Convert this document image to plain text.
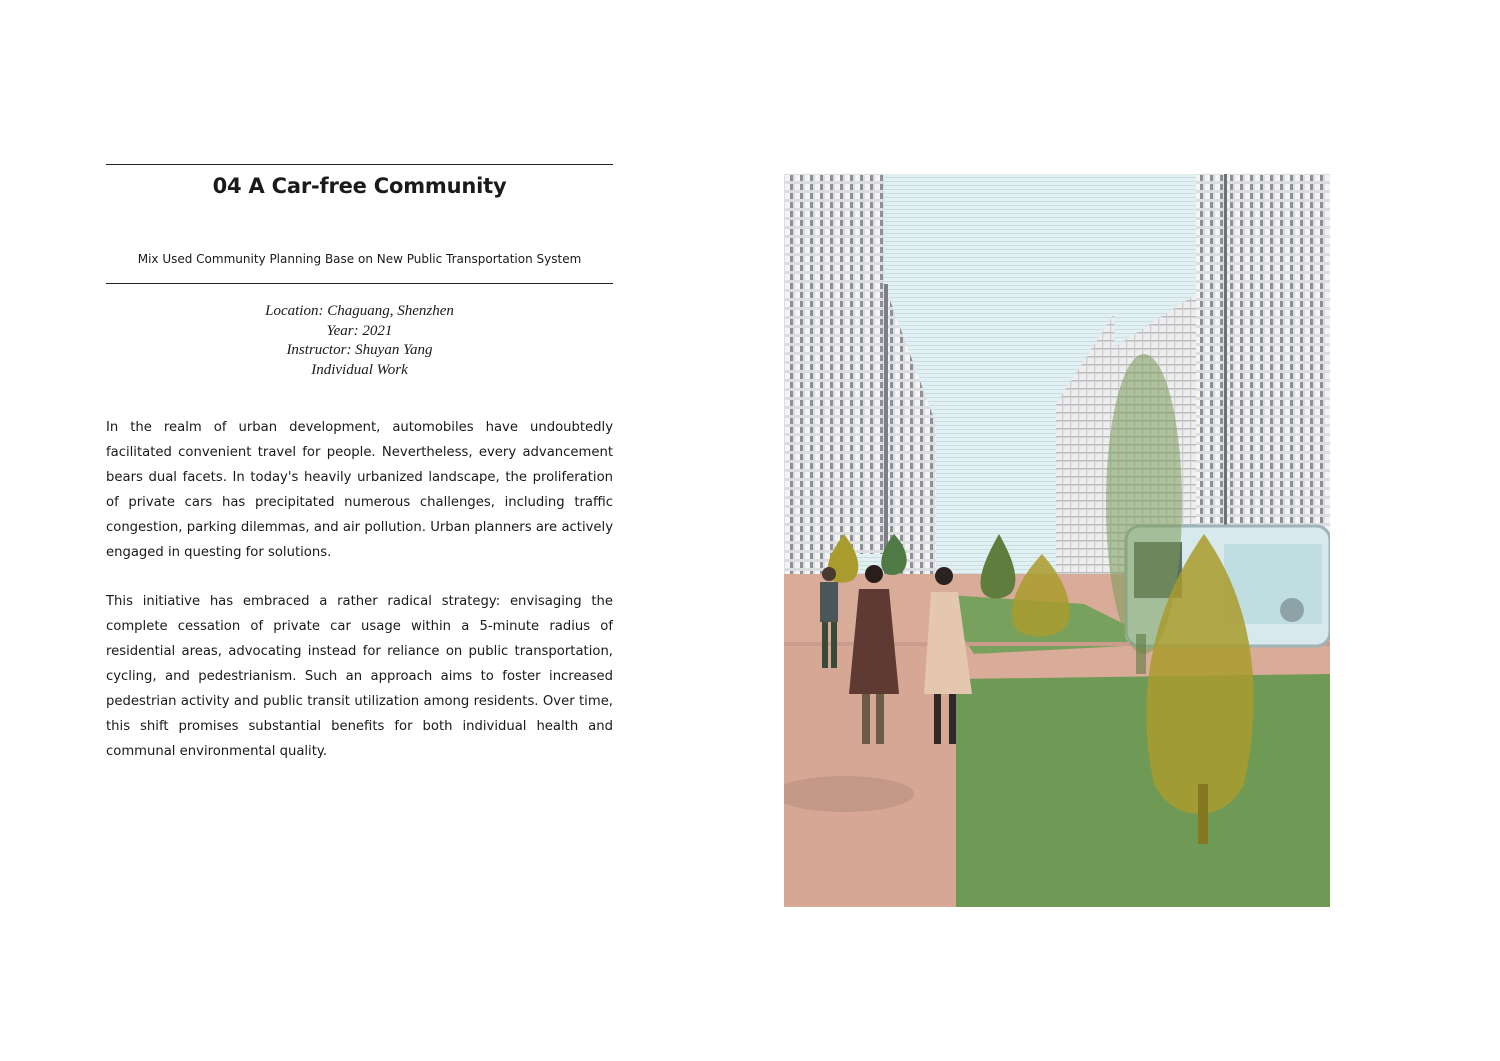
04 A Car-free Community
Mix Used Community Planning Base on New Public Transportation System
Location: Chaguang, Shenzhen
Year: 2021
Instructor: Shuyan Yang
Individual Work

In the realm of urban development, automobiles have undoubtedly facilitated convenient travel for people. Nevertheless, every advancement bears dual facets. In today's heavily urbanized landscape, the proliferation of private cars has precipitated numerous challenges, including traffic congestion, parking dilemmas, and air pollution. Urban planners are actively engaged in questing for solutions.

This initiative has embraced a rather radical strategy: envisaging the complete cessation of private car usage within a 5-minute radius of residential areas, advocating instead for reliance on public transportation, cycling, and pedestrianism. Such an approach aims to foster increased pedestrian activity and public transit utilization among residents. Over time, this shift promises substantial benefits for both individual health and communal environmental quality.
